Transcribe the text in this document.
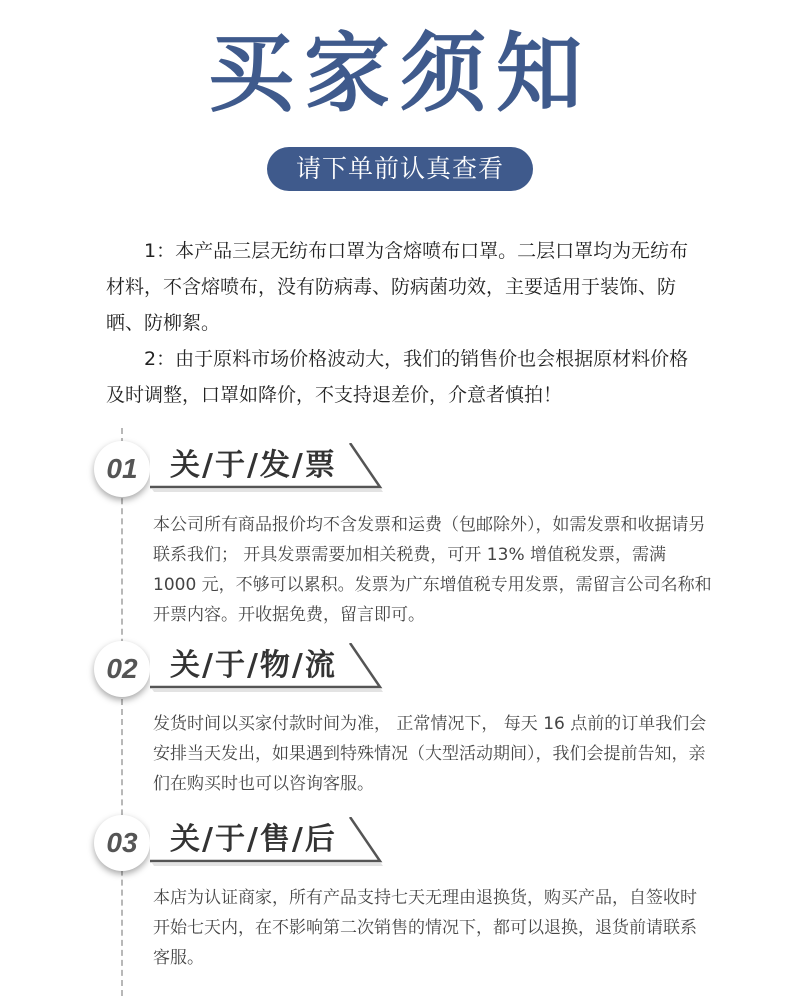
买家须知
请下单前认真查看

1：本产品三层无纺布口罩为含熔喷布口罩。二层口罩均为无纺布材料，不含熔喷布，没有防病毒、防病菌功效，主要适用于装饰、防晒、防柳絮。

2：由于原料市场价格波动大，我们的销售价也会根据原材料价格及时调整，口罩如降价，不支持退差价，介意者慎拍！

01	关/于/发/票
本公司所有商品报价均不含发票和运费（包邮除外），如需发票和收据请另联系我们； 开具发票需要加相关税费，可开 13% 增值税发票，需满 1000 元，不够可以累积。发票为广东增值税专用发票，需留言公司名称和开票内容。开收据免费，留言即可。
02	关/于/物/流
发货时间以买家付款时间为准， 正常情况下， 每天 16 点前的订单我们会安排当天发出，如果遇到特殊情况（大型活动期间），我们会提前告知，亲们在购买时也可以咨询客服。
03	关/于/售/后
本店为认证商家，所有产品支持七天无理由退换货，购买产品，自签收时开始七天内，在不影响第二次销售的情况下，都可以退换，退货前请联系客服。
